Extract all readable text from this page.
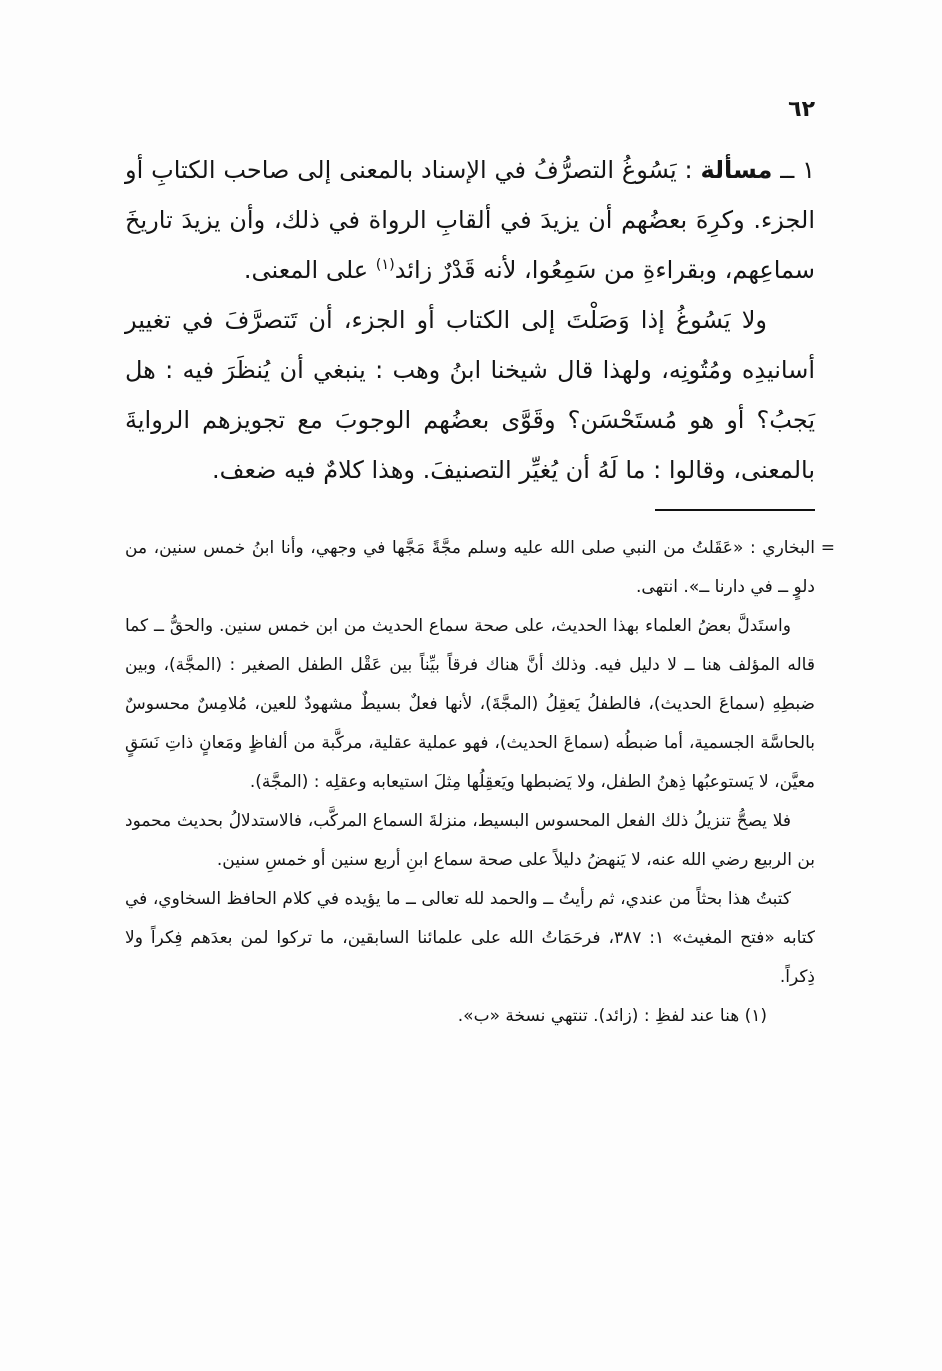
٦٢

١ ــ مسألة : يَسُوغُ التصرُّفُ في الإسناد بالمعنى إلى صاحب الكتابِ أو الجزء. وكرِهَ بعضُهم أن يزيدَ في ألقابِ الرواة في ذلك، وأن يزيدَ تاريخَ سماعِهم، وبقراءةِ من سَمِعُوا، لأنه قَدْرٌ زائد$^{(١)}$ على المعنى.

ولا يَسُوغُ إذا وَصَلْتَ إلى الكتاب أو الجزء، أن تَتصرَّفَ في تغيير أسانيدِه ومُتُونِه، ولهذا قال شيخنا ابنُ وهب : ينبغي أن يُنظَرَ فيه : هل يَجبُ؟ أو هو مُستَحْسَن؟ وقَوَّى بعضُهم الوجوبَ مع تجويزهم الروايةَ بالمعنى، وقالوا : ما لَهُ أن يُغيِّر التصنيفَ. وهذا كلامٌ فيه ضعف.

=
البخاري : «عَقَلتُ من النبي صلى الله عليه وسلم مجَّةً مَجَّها في وجهي، وأنا ابنُ خمس سنين، من دلوٍ ــ في دارنا ــ». انتهى.

واستَدلَّ بعضُ العلماء بهذا الحديث، على صحة سماع الحديث من ابن خمس سنين. والحقُّ ــ كما قاله المؤلف هنا ــ لا دليل فيه. وذلك أنَّ هناك فرقاً بيِّناً بين عَقْل الطفل الصغير : (المجَّة)، وبين ضبطِهِ (سماعَ الحديث)، فالطفلُ يَعقِلُ (المجَّةَ)، لأنها فعلٌ بسيطٌ مشهودٌ للعين، مُلامِسٌ محسوسٌ بالحاسَّة الجسمية، أما ضبطُه (سماعَ الحديث)، فهو عملية عقلية، مركَّبة من ألفاظٍ ومَعانٍ ذاتِ نَسَقٍ معيَّن، لا يَستوعبُها ذِهنُ الطفل، ولا يَضبطها ويَعقِلُها مِثلَ استيعابه وعقلِه : (المجَّة).

فلا يصحُّ تنزيلُ ذلك الفعل المحسوس البسيط، منزلةَ السماع المركَّب، فالاستدلالُ بحديث محمود بن الربيع رضي الله عنه، لا يَنهضُ دليلاً على صحة سماع ابنِ أربع سنين أو خمسِ سنين.

كتبتُ هذا بحثاً من عندي، ثم رأيتُ ــ والحمد لله تعالى ــ ما يؤيده في كلام الحافظ السخاوي، في كتابه «فتح المغيث» ١: ٣٨٧، فرحَمَاتُ الله على علمائنا السابقين، ما تركوا لمن بعدَهم فِكراً ولا ذِكراً.

(١) هنا عند لفظِ : (زائد). تنتهي نسخة «ب».
